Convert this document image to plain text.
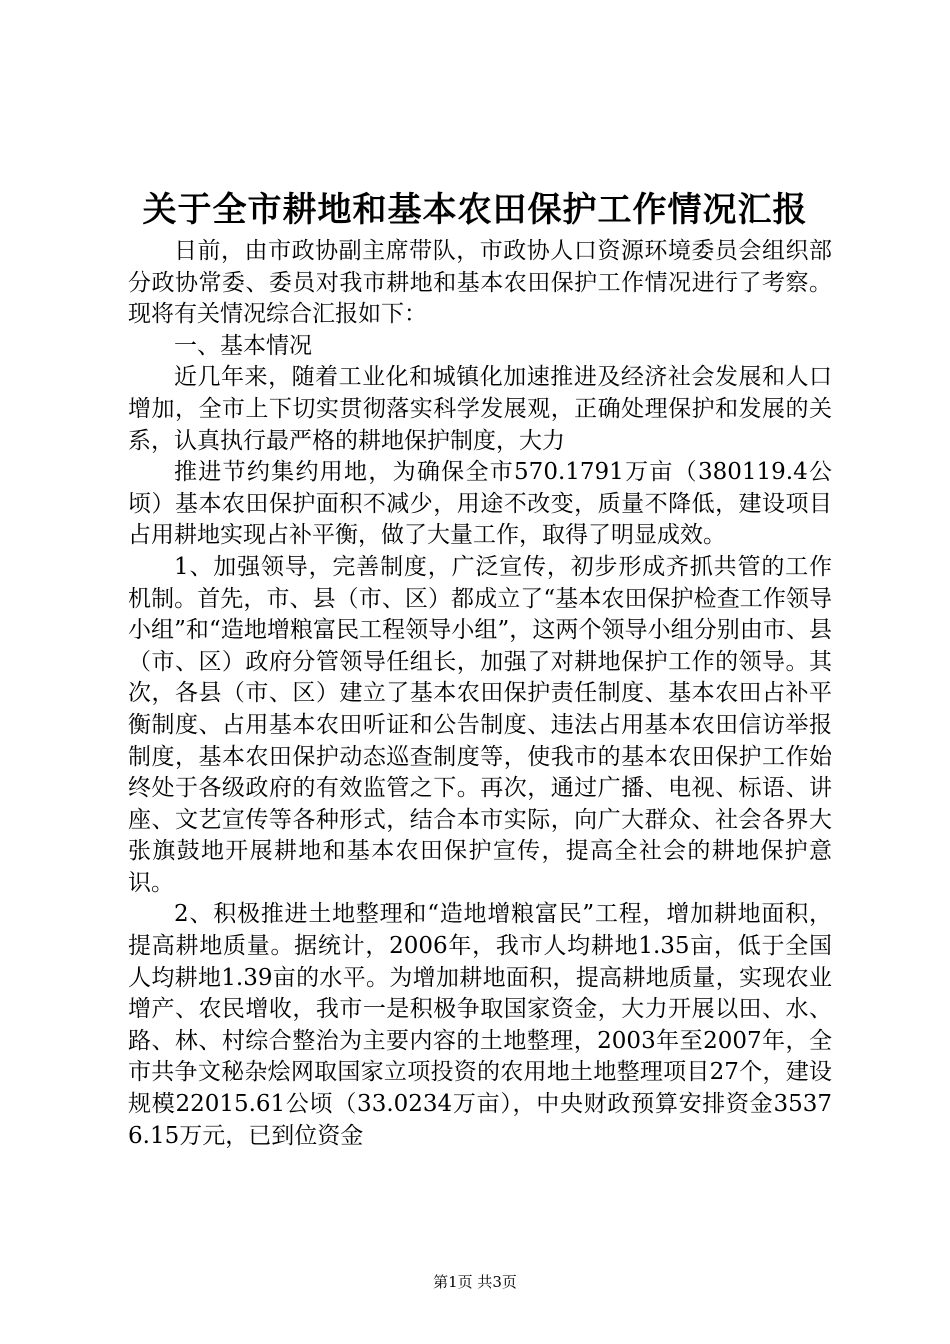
关于全市耕地和基本农田保护工作情况汇报

日前，由市政协副主席带队，市政协人口资源环境委员会组织部分政协常委、委员对我市耕地和基本农田保护工作情况进行了考察。现将有关情况综合汇报如下：

一、基本情况

近几年来，随着工业化和城镇化加速推进及经济社会发展和人口增加，全市上下切实贯彻落实科学发展观，正确处理保护和发展的关系，认真执行最严格的耕地保护制度，大力

推进节约集约用地，为确保全市570.1791万亩（380119.4公顷）基本农田保护面积不减少，用途不改变，质量不降低，建设项目占用耕地实现占补平衡，做了大量工作，取得了明显成效。

1、加强领导，完善制度，广泛宣传，初步形成齐抓共管的工作机制。首先，市、县（市、区）都成立了“基本农田保护检查工作领导小组”和“造地增粮富民工程领导小组”，这两个领导小组分别由市、县（市、区）政府分管领导任组长，加强了对耕地保护工作的领导。其次，各县（市、区）建立了基本农田保护责任制度、基本农田占补平衡制度、占用基本农田听证和公告制度、违法占用基本农田信访举报制度，基本农田保护动态巡查制度等，使我市的基本农田保护工作始终处于各级政府的有效监管之下。再次，通过广播、电视、标语、讲座、文艺宣传等各种形式，结合本市实际，向广大群众、社会各界大张旗鼓地开展耕地和基本农田保护宣传，提高全社会的耕地保护意识。

2、积极推进土地整理和“造地增粮富民”工程，增加耕地面积，提高耕地质量。据统计，2006年，我市人均耕地1.35亩，低于全国人均耕地1.39亩的水平。为增加耕地面积，提高耕地质量，实现农业增产、农民增收，我市一是积极争取国家资金，大力开展以田、水、路、林、村综合整治为主要内容的土地整理，2003年至2007年，全市共争文秘杂烩网取国家立项投资的农用地土地整理项目27个，建设规模22015.61公顷（33.0234万亩），中央财政预算安排资金35376.15万元，已到位资金

第1页 共3页
